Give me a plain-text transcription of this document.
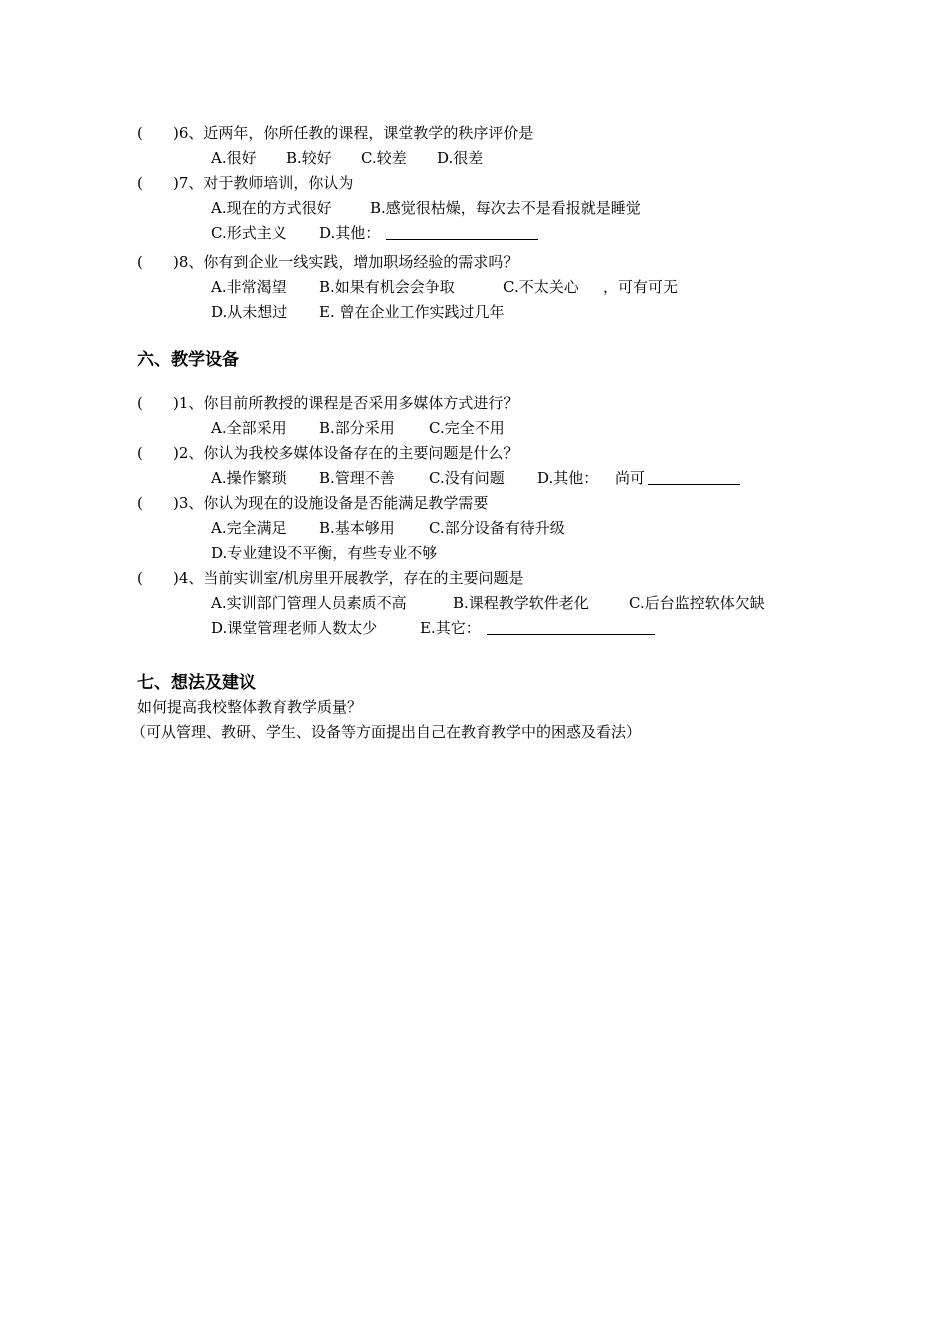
( )6、近两年，你所任教的课程，课堂教学的秩序评价是
A.很好 B.较好 C.较差 D.很差
( )7、对于教师培训，你认为
A.现在的方式很好	B.感觉很枯燥，每次去不是看报就是睡觉
C.形式主义 D.其他：
( )8、你有到企业一线实践，增加职场经验的需求吗？
A.非常渴望 B.如果有机会会争取	C.不太关心 ，可有可无
D.从未想过 E. 曾在企业工作实践过几年
六、教学设备
( )1、你目前所教授的课程是否采用多媒体方式进行？
A.全部采用 B.部分采用 C.完全不用
( )2、你认为我校多媒体设备存在的主要问题是什么？
A.操作繁琐 B.管理不善 C.没有问题 D.其他： 尚可
( )3、你认为现在的设施设备是否能满足教学需要
A.完全满足 B.基本够用 C.部分设备有待升级
D.专业建设不平衡，有些专业不够
( )4、当前实训室/机房里开展教学，存在的主要问题是
A.实训部门管理人员素质不高	B.课程教学软件老化	C.后台监控软体欠缺
D.课堂管理老师人数太少	E.其它：
七、想法及建议
如何提高我校整体教育教学质量？
（可从管理、教研、学生、设备等方面提出自己在教育教学中的困惑及看法）
